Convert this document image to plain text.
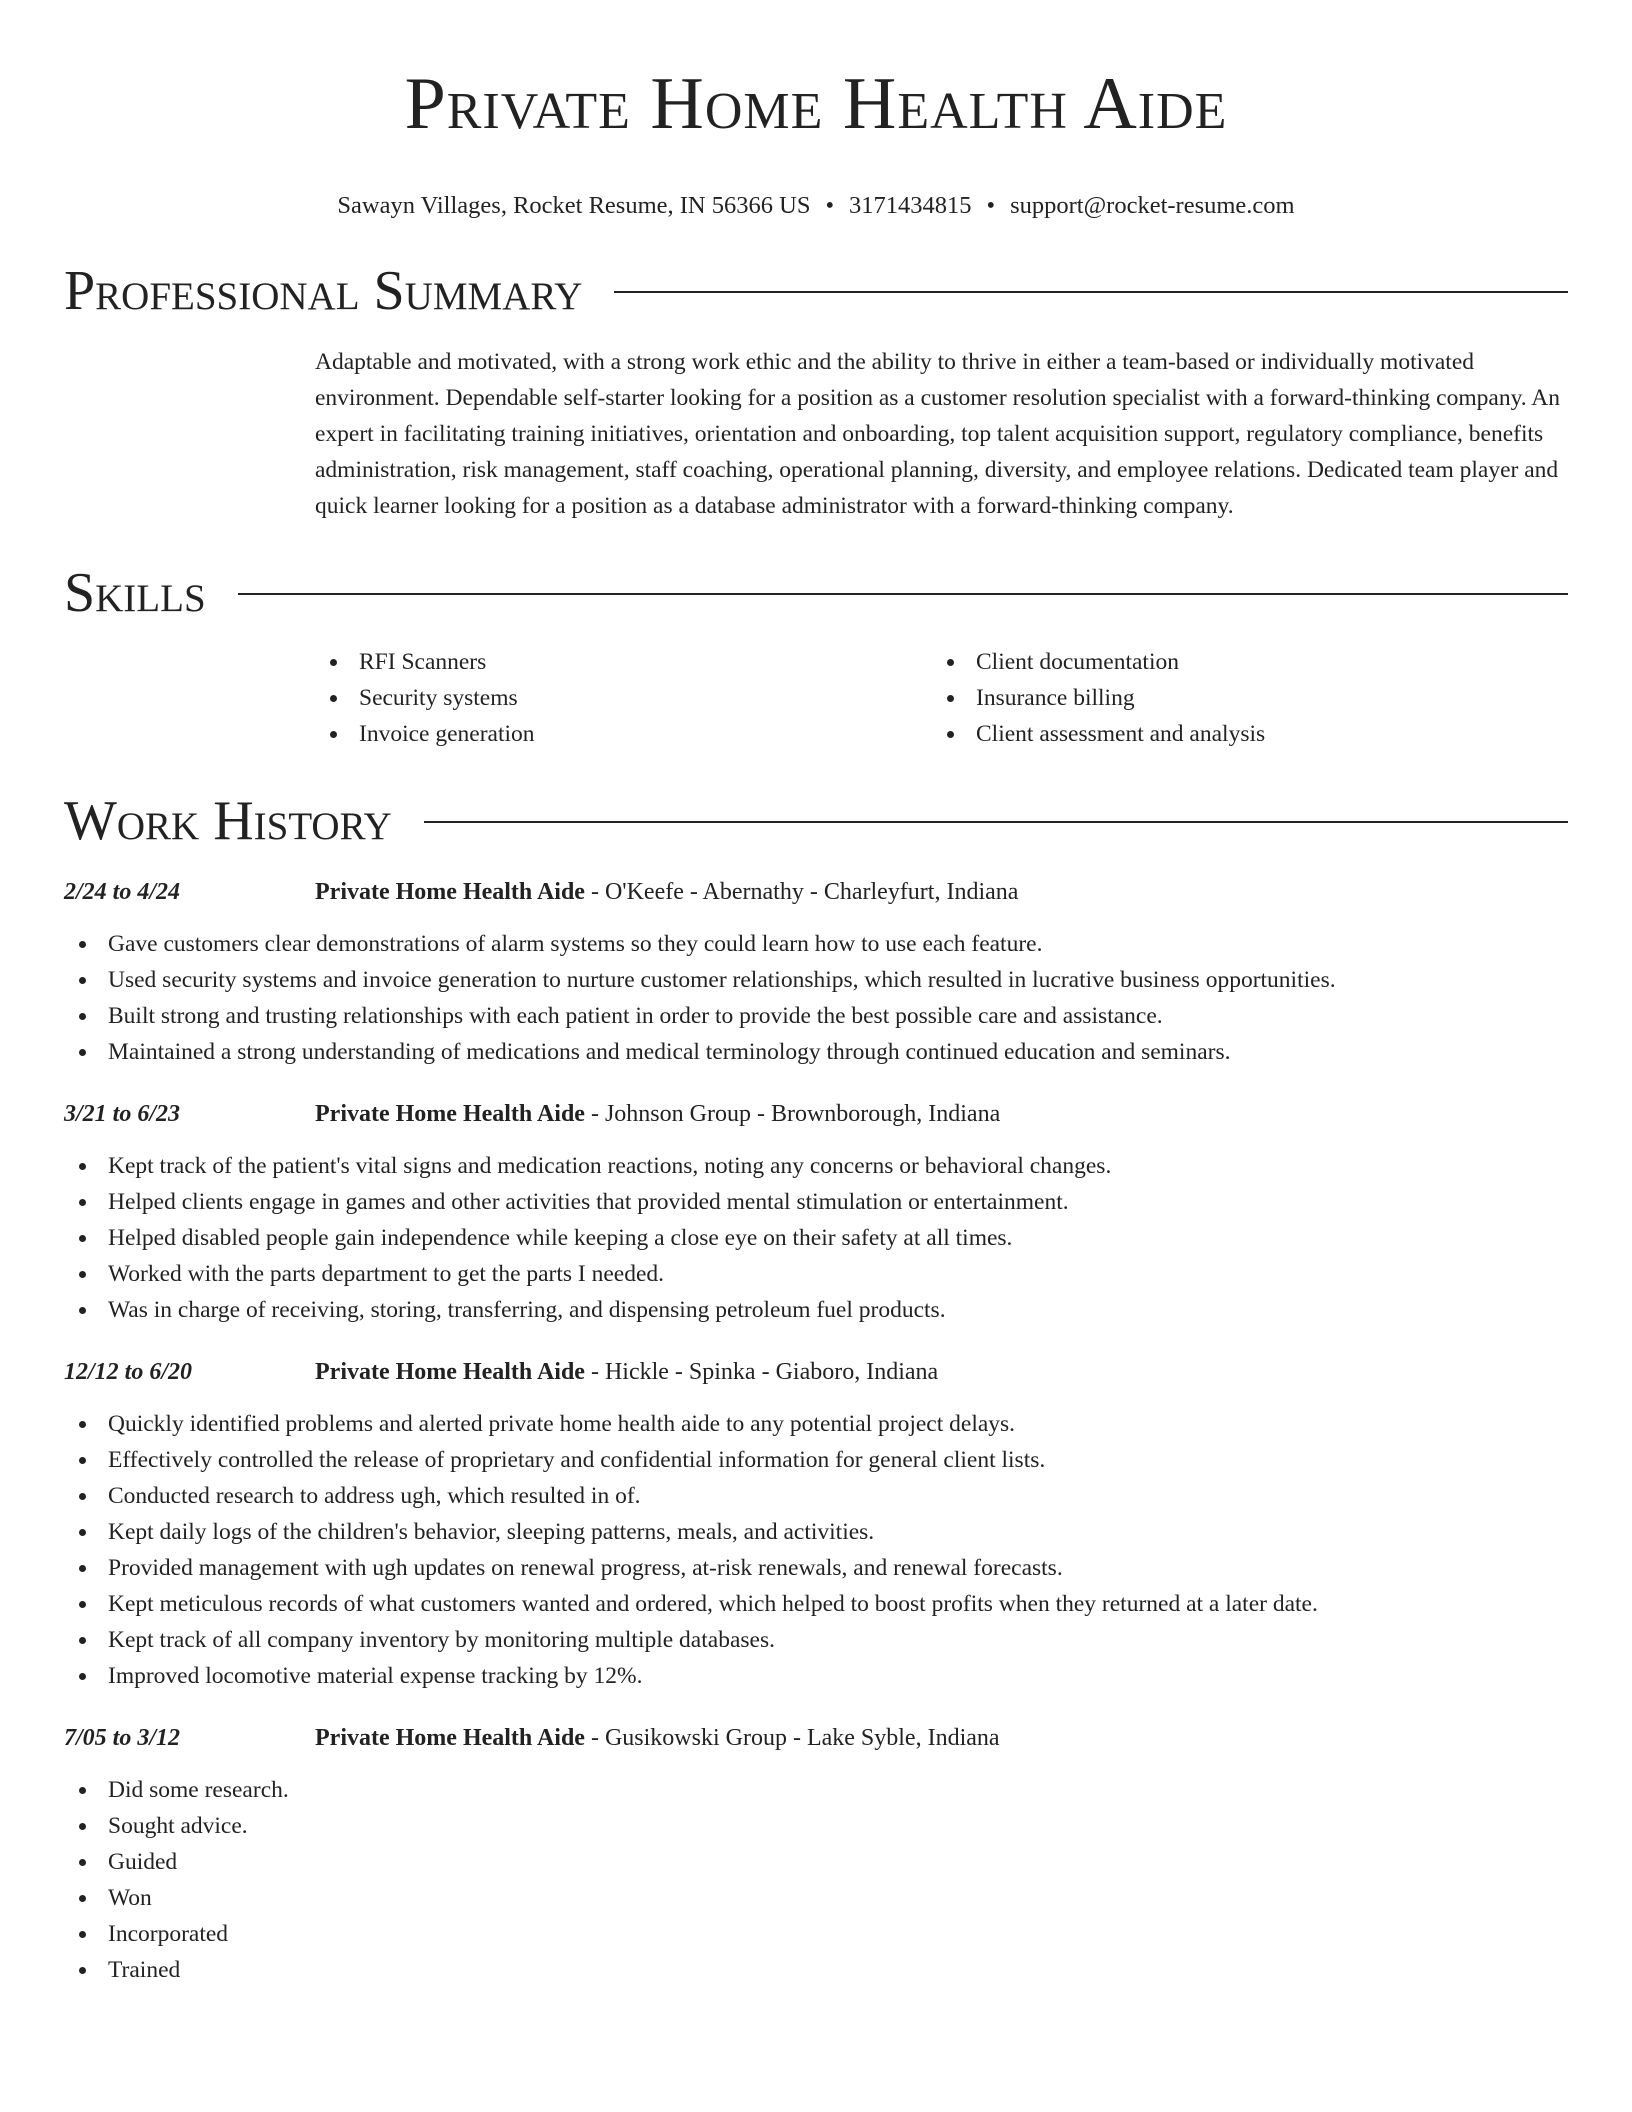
Private Home Health Aide
Sawayn Villages, Rocket Resume, IN 56366 US • 3171434815 • support@rocket-resume.com
Professional Summary
Adaptable and motivated, with a strong work ethic and the ability to thrive in either a team-based or individually motivated environment. Dependable self-starter looking for a position as a customer resolution specialist with a forward-thinking company. An expert in facilitating training initiatives, orientation and onboarding, top talent acquisition support, regulatory compliance, benefits administration, risk management, staff coaching, operational planning, diversity, and employee relations. Dedicated team player and quick learner looking for a position as a database administrator with a forward-thinking company.
Skills
RFI Scanners
Security systems
Invoice generation
Client documentation
Insurance billing
Client assessment and analysis
Work History
2/24 to 4/24	Private Home Health Aide - O'Keefe - Abernathy - Charleyfurt, Indiana
Gave customers clear demonstrations of alarm systems so they could learn how to use each feature.
Used security systems and invoice generation to nurture customer relationships, which resulted in lucrative business opportunities.
Built strong and trusting relationships with each patient in order to provide the best possible care and assistance.
Maintained a strong understanding of medications and medical terminology through continued education and seminars.
3/21 to 6/23	Private Home Health Aide - Johnson Group - Brownborough, Indiana
Kept track of the patient's vital signs and medication reactions, noting any concerns or behavioral changes.
Helped clients engage in games and other activities that provided mental stimulation or entertainment.
Helped disabled people gain independence while keeping a close eye on their safety at all times.
Worked with the parts department to get the parts I needed.
Was in charge of receiving, storing, transferring, and dispensing petroleum fuel products.
12/12 to 6/20	Private Home Health Aide - Hickle - Spinka - Giaboro, Indiana
Quickly identified problems and alerted private home health aide to any potential project delays.
Effectively controlled the release of proprietary and confidential information for general client lists.
Conducted research to address ugh, which resulted in of.
Kept daily logs of the children's behavior, sleeping patterns, meals, and activities.
Provided management with ugh updates on renewal progress, at-risk renewals, and renewal forecasts.
Kept meticulous records of what customers wanted and ordered, which helped to boost profits when they returned at a later date.
Kept track of all company inventory by monitoring multiple databases.
Improved locomotive material expense tracking by 12%.
7/05 to 3/12	Private Home Health Aide - Gusikowski Group - Lake Syble, Indiana
Did some research.
Sought advice.
Guided
Won
Incorporated
Trained
